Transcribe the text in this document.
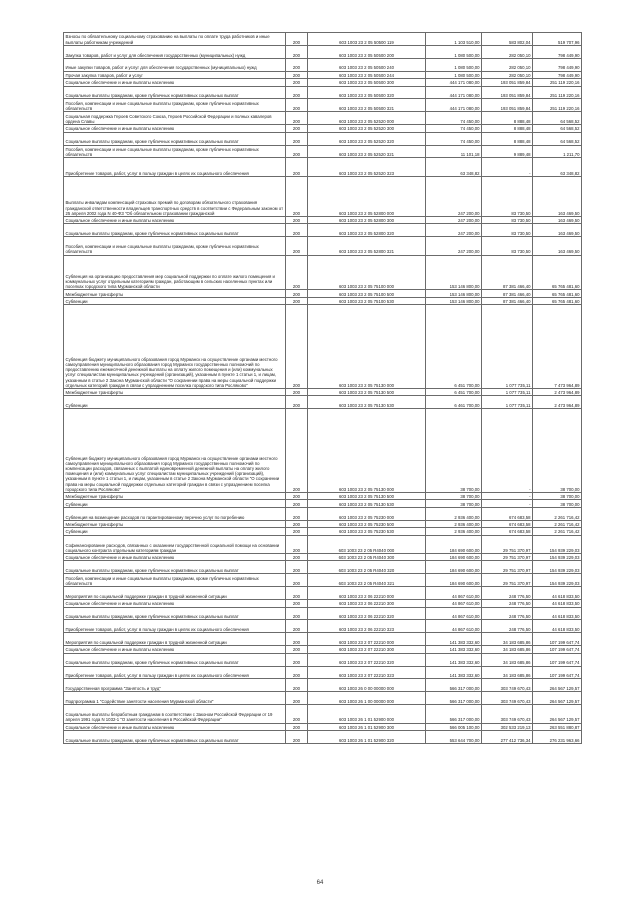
Взносы по обязательному социальному страхованию на выплаты по оплате труда работников и иные выплаты работникам учреждений	200	603 1003 23 2 05 50500 119	1 103 510,00	583 802,04	519 707,96
Закупка товаров, работ и услуг для обеспечения государственных (муниципальных) нужд	200	603 1003 23 2 05 50500 200	1 080 500,00	282 050,10	798 449,90
Иные закупки товаров, работ и услуг для обеспечения государственных (муниципальных) нужд	200	603 1003 23 2 05 50500 240	1 080 500,00	282 050,10	798 449,90
Прочая закупка товаров, работ и услуг	200	603 1003 23 2 05 50500 244	1 080 500,00	282 050,10	798 449,90
Социальное обеспечение и иные выплаты населению	200	603 1003 23 2 05 50500 300	444 171 080,00	193 051 859,84	251 119 220,16
Социальные выплаты гражданам, кроме публичных нормативных социальных выплат	200	603 1003 23 2 05 50500 320	444 171 080,00	193 051 859,84	251 119 220,16
Пособия, компенсации и иные социальные выплаты гражданам, кроме публичных нормативных обязательств	200	603 1003 23 2 05 50500 321	444 171 080,00	193 051 859,84	251 119 220,16
Социальная поддержка Героев Советского Союза, Героев Российской Федерации и полных кавалеров ордена Славы	200	603 1003 23 2 05 52520 000	74 450,00	8 888,48	64 568,52
Социальное обеспечение и иные выплаты населению	200	603 1003 23 2 05 52520 300	74 450,00	8 888,48	64 568,52
Социальные выплаты гражданам, кроме публичных нормативных социальных выплат	200	603 1003 23 2 05 52520 320	74 450,00	8 888,48	64 568,52
Пособия, компенсации и иные социальные выплаты гражданам, кроме публичных нормативных обязательств	200	603 1003 23 2 05 52520 321	11 101,18	9 889,48	1 211,70
Приобретение товаров, работ, услуг в пользу граждан в целях их социального обеспечения	200	603 1003 23 2 05 52520 323	63 348,82	-	63 348,82
Выплаты инвалидам компенсаций страховых премий по договорам обязательного страхования гражданской ответственности владельцев транспортных средств в соответствии с Федеральным законом от 25 апреля 2002 года N 40-ФЗ "Об обязательном страховании гражданской	200	603 1003 23 2 05 52800 000	247 200,00	83 730,50	163 469,50
Социальное обеспечение и иные выплаты населению	200	603 1003 23 2 05 52800 300	247 200,00	83 730,50	163 469,50
Социальные выплаты гражданам, кроме публичных нормативных социальных выплат	200	603 1003 23 2 05 52800 320	247 200,00	83 730,50	163 469,50
Пособия, компенсации и иные социальные выплаты гражданам, кроме публичных нормативных обязательств	200	603 1003 23 2 05 52800 321	247 200,00	83 730,50	163 469,50
Субвенция на организацию предоставления мер социальной поддержки по оплате жилого помещения и коммунальных услуг отдельным категориям граждан, работающим в сельских населенных пунктах или поселках городского типа Мурманской области	200	603 1003 23 2 05 75100 000	153 146 800,00	87 381 466,40	65 765 481,60
Межбюджетные трансферты	200	603 1003 23 2 05 75100 500	153 146 800,00	87 381 466,40	65 765 481,60
Субвенции	200	603 1003 23 2 05 75100 530	153 146 800,00	87 381 466,40	65 765 481,60
Субвенция бюджету муниципального образования город Мурманск на осуществление органами местного самоуправления муниципального образования город Мурманск государственных полномочий по предоставлению ежемесячной денежной выплаты на оплату жилого помещения и (или) коммунальных услуг специалистам муниципальных учреждений (организаций), указанным в пункте 1 статьи 1, и лицам, указанным в статье 2 Закона Мурманской области "О сохранении права на меры социальной поддержки отдельных категорий граждан в связи с упразднением поселка городского типа Росляково"	200	603 1003 23 2 05 75130 000	6 451 700,00	1 077 735,11	7 473 964,89
Межбюджетные трансферты	200	603 1003 23 2 05 75130 500	6 451 700,00	1 077 735,11	2 473 964,89
Субвенции	200	603 1003 23 2 05 75130 530	6 461 700,00	1 077 735,11	2 473 964,89
Субвенция бюджету муниципального образования город Мурманск на осуществление органами местного самоуправления муниципального образования город Мурманск государственных полномочий по компенсации расходов, связанных с выплатой единовременной денежной выплаты на оплату жилого помещения и (или) коммунальных услуг специалистам муниципальных учреждений (организаций), указанным в пункте 1 статьи 1, и лицам, указанным в статье 2 Закона Мурманской области "О сохранении права на меры социальной поддержки отдельных категорий граждан в связи с упразднением поселка городского типа Росляково"	200	603 1003 23 2 05 75130 000	38 700,00	-	38 700,00
Межбюджетные трансферты	200	603 1003 23 2 05 75130 500	38 700,00	-	38 700,00
Субвенции	200	603 1003 23 2 05 75130 530	38 700,00	-	38 700,00
Субвенция на возмещение расходов по гарантированному перечню услуг по погребению	200	603 1003 23 2 05 75230 000	2 936 400,00	674 683,58	2 261 716,42
Межбюджетные трансферты	200	603 1003 23 2 05 75230 500	2 936 400,00	674 683,58	2 261 716,42
Субвенции	200	603 1003 23 2 05 75230 530	2 936 400,00	674 683,58	2 261 716,42
Софинансирование расходов, связанных с оказанием государственной социальной помощи на основании социального контракта отдельным категориям граждан	200	603 1003 23 2 05 R4040 000	184 690 600,00	29 751 370,97	154 939 229,03
Социальное обеспечение и иные выплаты населению	200	603 1003 23 2 05 R4040 300	184 690 600,00	29 751 370,97	154 939 229,03
Социальные выплаты гражданам, кроме публичных нормативных социальных выплат	200	603 1003 23 2 05 R4040 320	184 690 600,00	29 751 370,97	154 939 229,03
Пособия, компенсации и иные социальные выплаты гражданам, кроме публичных нормативных обязательств	200	603 1003 23 2 05 R4040 321	184 690 600,00	29 751 370,97	154 939 229,03
Мероприятия по социальной поддержке граждан в трудной жизненной ситуации	200	603 1003 23 2 06 22210 000	44 867 610,00	248 776,50	44 618 833,50
Социальное обеспечение и иные выплаты населению	200	603 1003 23 2 06 22210 300	44 867 610,00	248 776,50	44 618 833,50
Социальные выплаты гражданам, кроме публичных нормативных социальных выплат	200	603 1003 23 2 06 22210 320	44 867 610,00	248 776,50	44 618 833,50
Приобретение товаров, работ, услуг в пользу граждан в целях их социального обеспечения	200	603 1003 23 2 06 22210 323	44 867 610,00	248 776,50	44 618 833,50
Мероприятия по социальной поддержке граждан в трудной жизненной ситуации	200	603 1003 23 2 07 22210 000	141 383 332,60	34 183 685,86	107 199 647,74
Социальное обеспечение и иные выплаты населению	200	603 1003 23 2 07 22210 300	141 383 332,60	34 183 685,86	107 199 647,74
Социальные выплаты гражданам, кроме публичных нормативных социальных выплат	200	603 1003 23 2 07 22210 320	141 383 332,60	34 183 685,86	107 199 647,74
Приобретение товаров, работ, услуг в пользу граждан в целях их социального обеспечения	200	603 1003 23 2 07 22210 323	141 383 332,60	34 183 685,86	107 199 647,74
Государственная программа "Занятость и труд"	200	603 1003 26 0 00 00000 000	566 317 000,00	303 749 670,43	264 567 129,57
Подпрограмма 1 "Содействие занятости населения Мурманской области"	200	603 1003 26 1 00 00000 000	566 317 000,00	303 749 670,43	264 567 129,57
Социальные выплаты безработным гражданам в соответствии с Законом Российской Федерации от 19 апреля 1991 года N 1032-1 "О занятости населения в Российской Федерации"	200	603 1003 26 1 01 52900 000	566 317 000,00	303 749 670,43	264 567 129,57
Социальное обеспечение и иные выплаты населению	200	603 1003 26 1 01 52900 300	566 005 100,00	302 533 219,13	263 551 880,87
Социальные выплаты гражданам, кроме публичных нормативных социальных выплат	200	603 1003 26 1 01 52900 320	553 644 700,00	277 412 736,34	276 231 963,66
64
